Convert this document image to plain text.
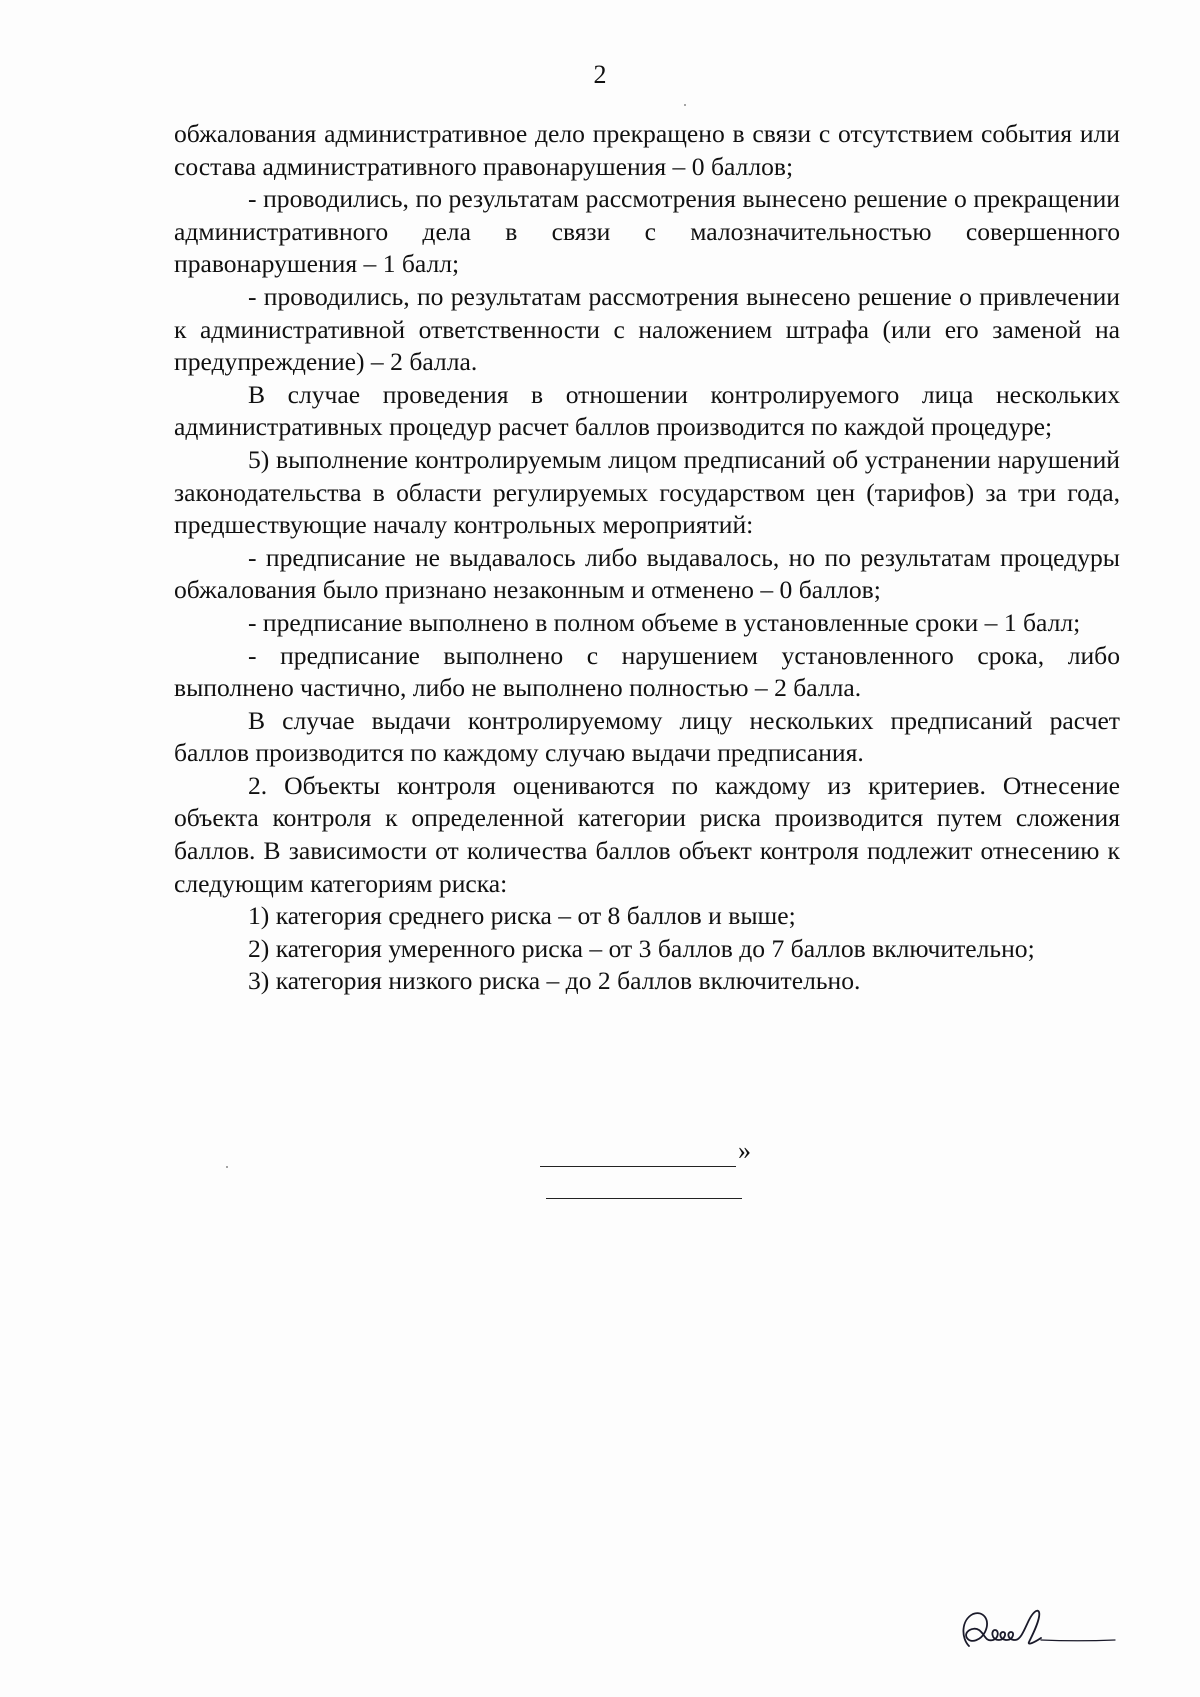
2

обжалования административное дело прекращено в связи с отсутствием события или состава административного правонарушения – 0 баллов;

- проводились, по результатам рассмотрения вынесено решение о прекращении административного дела в связи с малозначительностью совершенного правонарушения – 1 балл;

- проводились, по результатам рассмотрения вынесено решение о привлечении к административной ответственности с наложением штрафа (или его заменой на предупреждение) – 2 балла.

В случае проведения в отношении контролируемого лица нескольких административных процедур расчет баллов производится по каждой процедуре;

5) выполнение контролируемым лицом предписаний об устранении нарушений законодательства в области регулируемых государством цен (тарифов) за три года, предшествующие началу контрольных мероприятий:

- предписание не выдавалось либо выдавалось, но по результатам процедуры обжалования было признано незаконным и отменено – 0 баллов;

- предписание выполнено в полном объеме в установленные сроки – 1 балл;

- предписание выполнено с нарушением установленного срока, либо выполнено частично, либо не выполнено полностью – 2 балла.

В случае выдачи контролируемому лицу нескольких предписаний расчет баллов производится по каждому случаю выдачи предписания.

2. Объекты контроля оцениваются по каждому из критериев. Отнесение объекта контроля к определенной категории риска производится путем сложения баллов. В зависимости от количества баллов объект контроля подлежит отнесению к следующим категориям риска:

1) категория среднего риска – от 8 баллов и выше;

2) категория умеренного риска – от 3 баллов до 7 баллов включительно;

3) категория низкого риска – до 2 баллов включительно.

»
